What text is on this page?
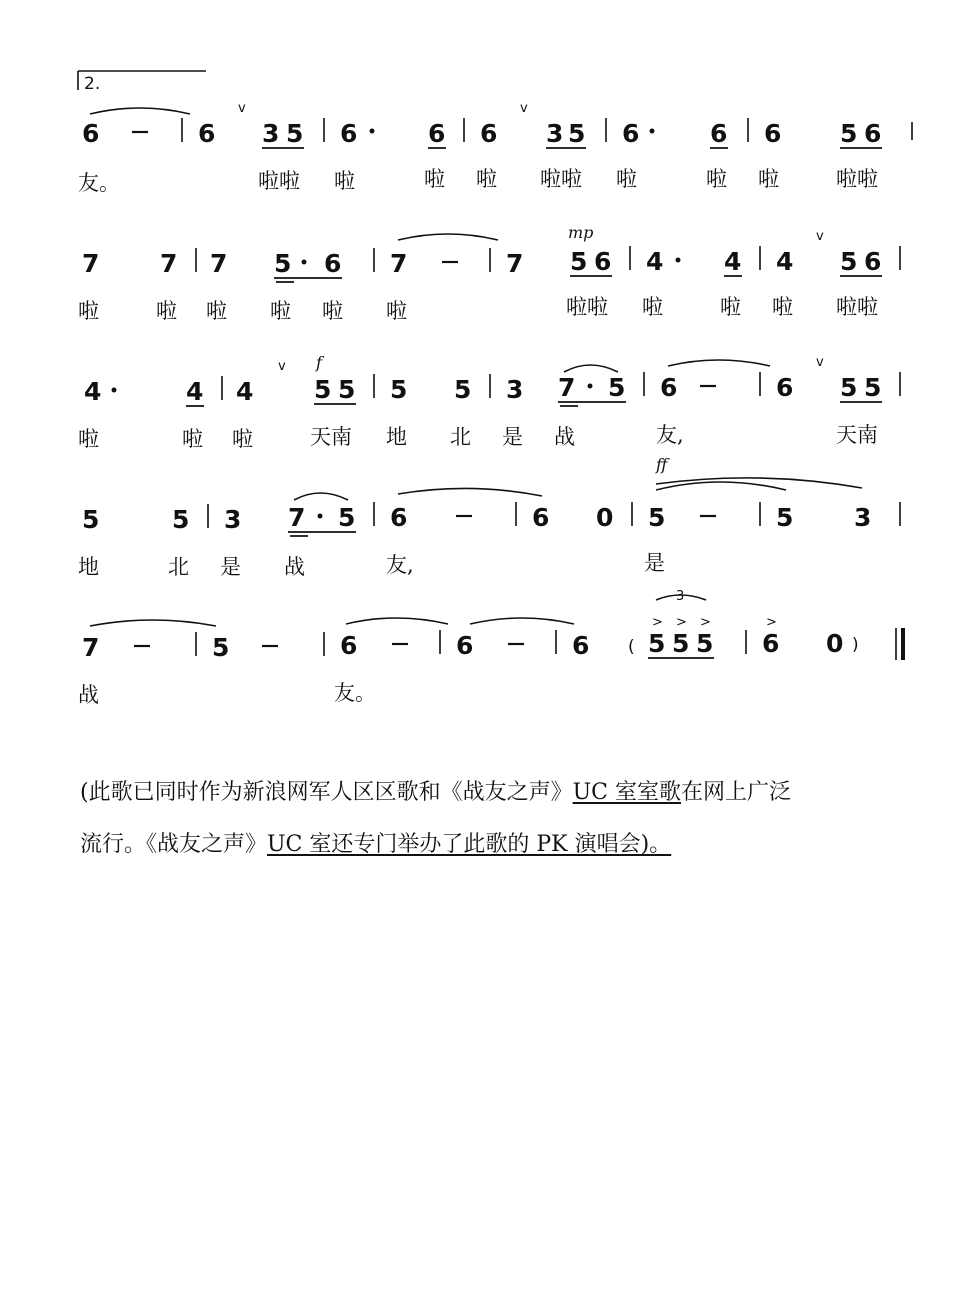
2.
6	6
v
3 5 6	6 6
v
3 5 6	6 6 5 6
友。	啦啦 啦	啦 啦 啦啦 啦	啦 啦	啦啦
7 7 7 5 6 7	7
mp
5 6 4 4 4
v
5 6
啦	啦 啦 啦 啦 啦	啦啦 啦	啦 啦 啦啦
4	4 4
v f
5 5 5 5 3 7 5 6	6
v
5 5
啦	啦 啦	天南 地 北 是 战	友,	天南
5	5 3 7 5 6	6 0
ff
5	5 3
地	北 是 战	友,	是
7	5	6	6	6 (
3
> > >
5 5 5
>
6 0 )
战	友。
(此歌已同时作为新浪网军人区区歌和《战友之声》UC 室室歌在网上广泛
流行。《战友之声》UC 室还专门举办了此歌的 PK 演唱会)。
